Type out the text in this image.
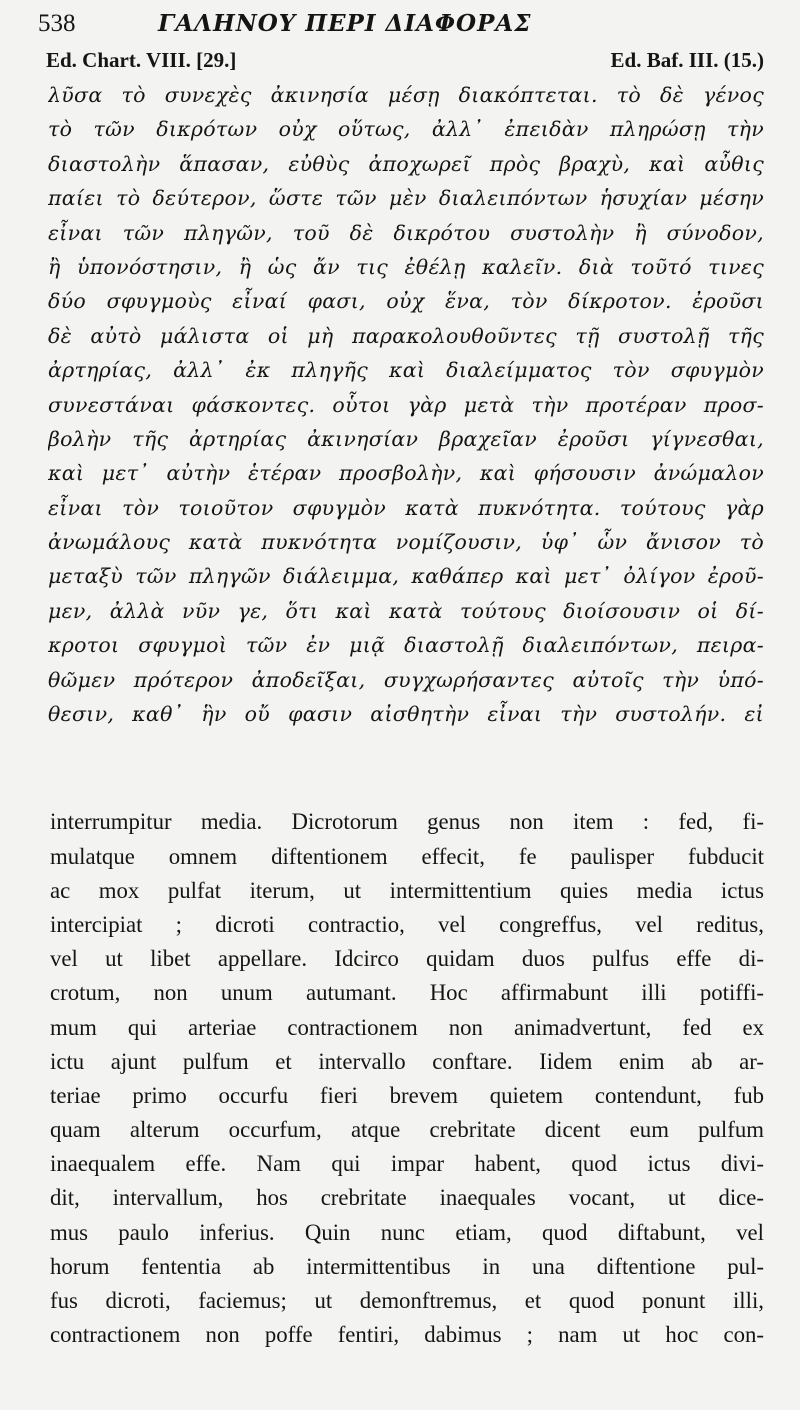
538	ΓΑΛΗΝΟΥ ΠΕΡΙ ΔΙΑΦΟΡΑΣ
Ed. Chart. VIII. [29.]	Ed. Baf. III. (15.)
λῦσα τὸ συνεχὲς ἀκινησία μέσῃ διακόπτεται. τὸ δὲ γένος
τὸ τῶν δικρότων οὐχ οὕτως, ἀλλ᾽ ἐπειδὰν πληρώσῃ τὴν
διαστολὴν ἅπασαν, εὐθὺς ἀποχωρεῖ πρὸς βραχὺ, καὶ αὖθις
παίει τὸ δεύτερον, ὥστε τῶν μὲν διαλειπόντων ἡσυχίαν μέσην
εἶναι τῶν πληγῶν, τοῦ δὲ δικρότου συστολὴν ἢ σύνοδον,
ἢ ὑπονόστησιν, ἢ ὡς ἄν τις ἐθέλῃ καλεῖν. διὰ τοῦτό τινες
δύο σφυγμοὺς εἶναί φασι, οὐχ ἕνα, τὸν δίκροτον. ἐροῦσι
δὲ αὐτὸ μάλιστα οἱ μὴ παρακολουθοῦντες τῇ συστολῇ τῆς
ἀρτηρίας, ἀλλ᾽ ἐκ πληγῆς καὶ διαλείμματος τὸν σφυγμὸν
συνεστάναι φάσκοντες. οὗτοι γὰρ μετὰ τὴν προτέραν προσ-
βολὴν τῆς ἀρτηρίας ἀκινησίαν βραχεῖαν ἐροῦσι γίγνεσθαι,
καὶ μετ᾽ αὐτὴν ἑτέραν προσβολὴν, καὶ φήσουσιν ἀνώμαλον
εἶναι τὸν τοιοῦτον σφυγμὸν κατὰ πυκνότητα. τούτους γὰρ
ἀνωμάλους κατὰ πυκνότητα νομίζουσιν, ὑφ᾽ ὧν ἄνισον τὸ
μεταξὺ τῶν πληγῶν διάλειμμα, καθάπερ καὶ μετ᾽ ὀλίγον ἐροῦ-
μεν, ἀλλὰ νῦν γε, ὅτι καὶ κατὰ τούτους διοίσουσιν οἱ δί-
κροτοι σφυγμοὶ τῶν ἐν μιᾷ διαστολῇ διαλειπόντων, πειρα-
θῶμεν πρότερον ἀποδεῖξαι, συγχωρήσαντες αὐτοῖς τὴν ὑπό-
θεσιν, καθ᾽ ἣν οὔ φασιν αἰσθητὴν εἶναι τὴν συστολήν. εἰ
interrumpitur media. Dicrotorum genus non item : fed, fi-
mulatque omnem diftentionem effecit, fe paulisper fubducit
ac mox pulfat iterum, ut intermittentium quies media ictus
intercipiat ; dicroti contractio, vel congreffus, vel reditus,
vel ut libet appellare. Idcirco quidam duos pulfus effe di-
crotum, non unum autumant. Hoc affirmabunt illi potiffi-
mum qui arteriae contractionem non animadvertunt, fed ex
ictu ajunt pulfum et intervallo conftare. Iidem enim ab ar-
teriae primo occurfu fieri brevem quietem contendunt, fub
quam alterum occurfum, atque crebritate dicent eum pulfum
inaequalem effe. Nam qui impar habent, quod ictus divi-
dit, intervallum, hos crebritate inaequales vocant, ut dice-
mus paulo inferius. Quin nunc etiam, quod diftabunt, vel
horum fententia ab intermittentibus in una diftentione pul-
fus dicroti, faciemus; ut demonftremus, et quod ponunt illi,
contractionem non poffe fentiri, dabimus ; nam ut hoc con-
